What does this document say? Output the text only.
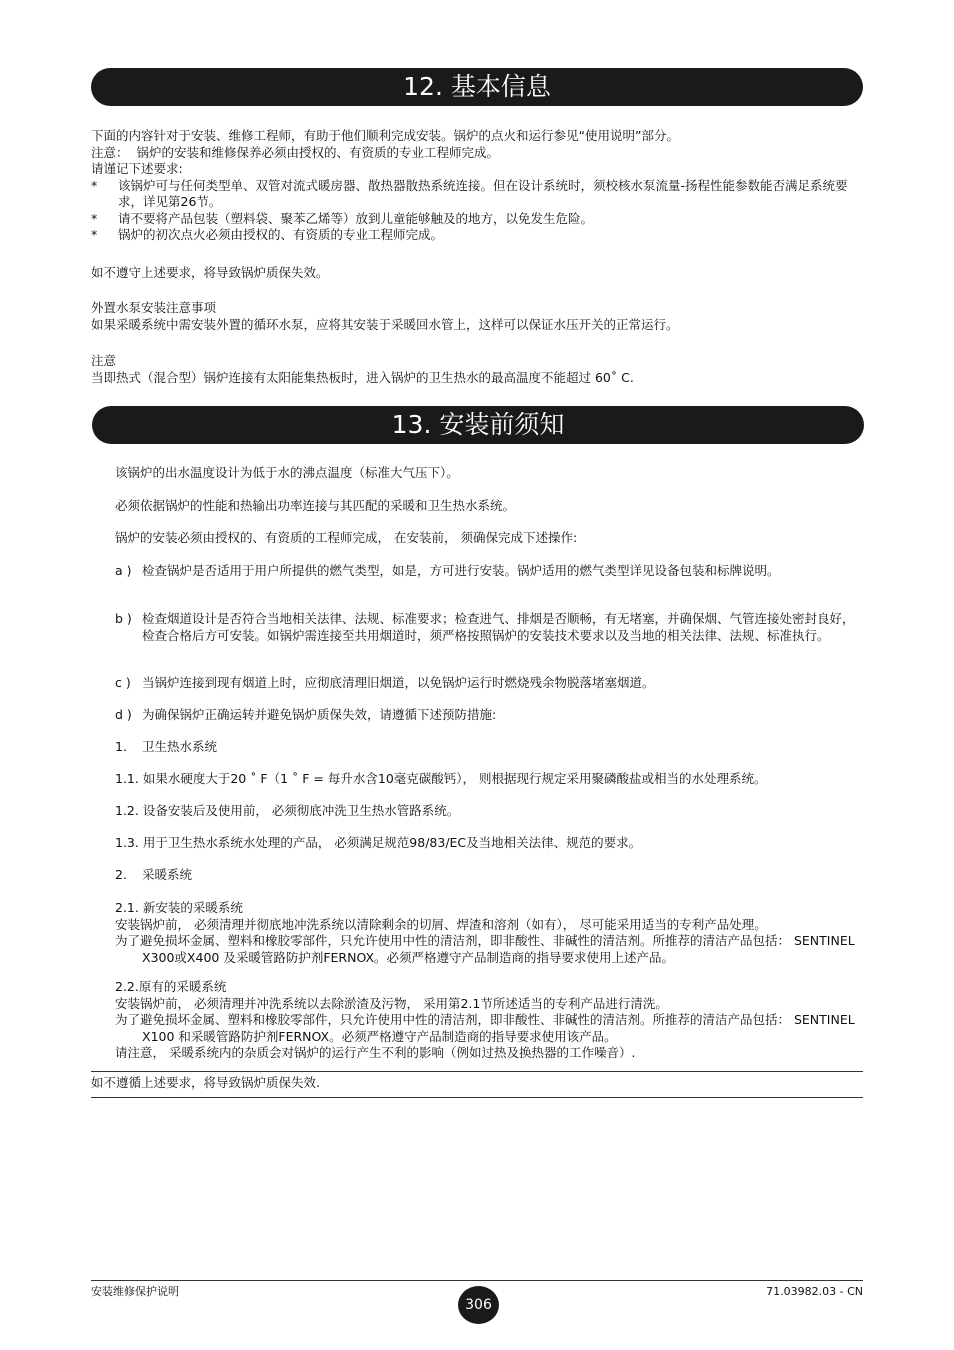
12. 基本信息

下面的内容针对于安装、维修工程师，有助于他们顺利完成安装。锅炉的点火和运行参见“使用说明”部分。

注意：  锅炉的安装和维修保养必须由授权的、有资质的专业工程师完成。

请谨记下述要求:

* 该锅炉可与任何类型单、双管对流式暖房器、散热器散热系统连接。但在设计系统时，须校核水泵流量-扬程性能参数能否满足系统要求，详见第26节。
* 请不要将产品包装（塑料袋、聚苯乙烯等）放到儿童能够触及的地方，以免发生危险。
* 锅炉的初次点火必须由授权的、有资质的专业工程师完成。

如不遵守上述要求，将导致锅炉质保失效。

外置水泵安装注意事项

如果采暖系统中需安装外置的循环水泵，应将其安装于采暖回水管上，这样可以保证水压开关的正常运行。

注意

当即热式（混合型）锅炉连接有太阳能集热板时，进入锅炉的卫生热水的最高温度不能超过 60˚ C.

13. 安装前须知

该锅炉的出水温度设计为低于水的沸点温度（标准大气压下）。

必须依据锅炉的性能和热输出功率连接与其匹配的采暖和卫生热水系统。

锅炉的安装必须由授权的、有资质的工程师完成， 在安装前， 须确保完成下述操作:

a ) 检查锅炉是否适用于用户所提供的燃气类型，如是，方可进行安装。锅炉适用的燃气类型详见设备包装和标牌说明。
b ) 检查烟道设计是否符合当地相关法律、法规、标准要求；检查进气、排烟是否顺畅，有无堵塞，并确保烟、气管连接处密封良好，检查合格后方可安装。如锅炉需连接至共用烟道时，须严格按照锅炉的安装技术要求以及当地的相关法律、法规、标准执行。
c ) 当锅炉连接到现有烟道上时，应彻底清理旧烟道，以免锅炉运行时燃烧残余物脱落堵塞烟道。
d ) 为确保锅炉正确运转并避免锅炉质保失效，请遵循下述预防措施:
1. 卫生热水系统

1.1. 如果水硬度大于20 ˚ F（1 ˚ F = 每升水含10毫克碳酸钙）， 则根据现行规定采用聚磷酸盐或相当的水处理系统。

1.2. 设备安装后及使用前， 必须彻底冲洗卫生热水管路系统。

1.3. 用于卫生热水系统水处理的产品， 必须满足规范98/83/EC及当地相关法律、规范的要求。

2. 采暖系统

2.1. 新安装的采暖系统

安装锅炉前， 必须清理并彻底地冲洗系统以清除剩余的切屑、焊渣和溶剂（如有）， 尽可能采用适当的专利产品处理。

为了避免损坏金属、塑料和橡胶零部件，只允许使用中性的清洁剂，即非酸性、非碱性的清洁剂。所推荐的清洁产品包括： SENTINEL X300或X400 及采暖管路防护剂FERNOX。必须严格遵守产品制造商的指导要求使用上述产品。

2.2.原有的采暖系统

安装锅炉前， 必须清理并冲洗系统以去除淤渣及污物， 采用第2.1节所述适当的专利产品进行清洗。

为了避免损坏金属、塑料和橡胶零部件，只允许使用中性的清洁剂，即非酸性、非碱性的清洁剂。所推荐的清洁产品包括： SENTINEL X100 和采暖管路防护剂FERNOX。必须严格遵守产品制造商的指导要求使用该产品。

请注意， 采暖系统内的杂质会对锅炉的运行产生不利的影响（例如过热及换热器的工作噪音）.

如不遵循上述要求，将导致锅炉质保失效.

安装维修保护说明
306
71.03982.03 - CN
